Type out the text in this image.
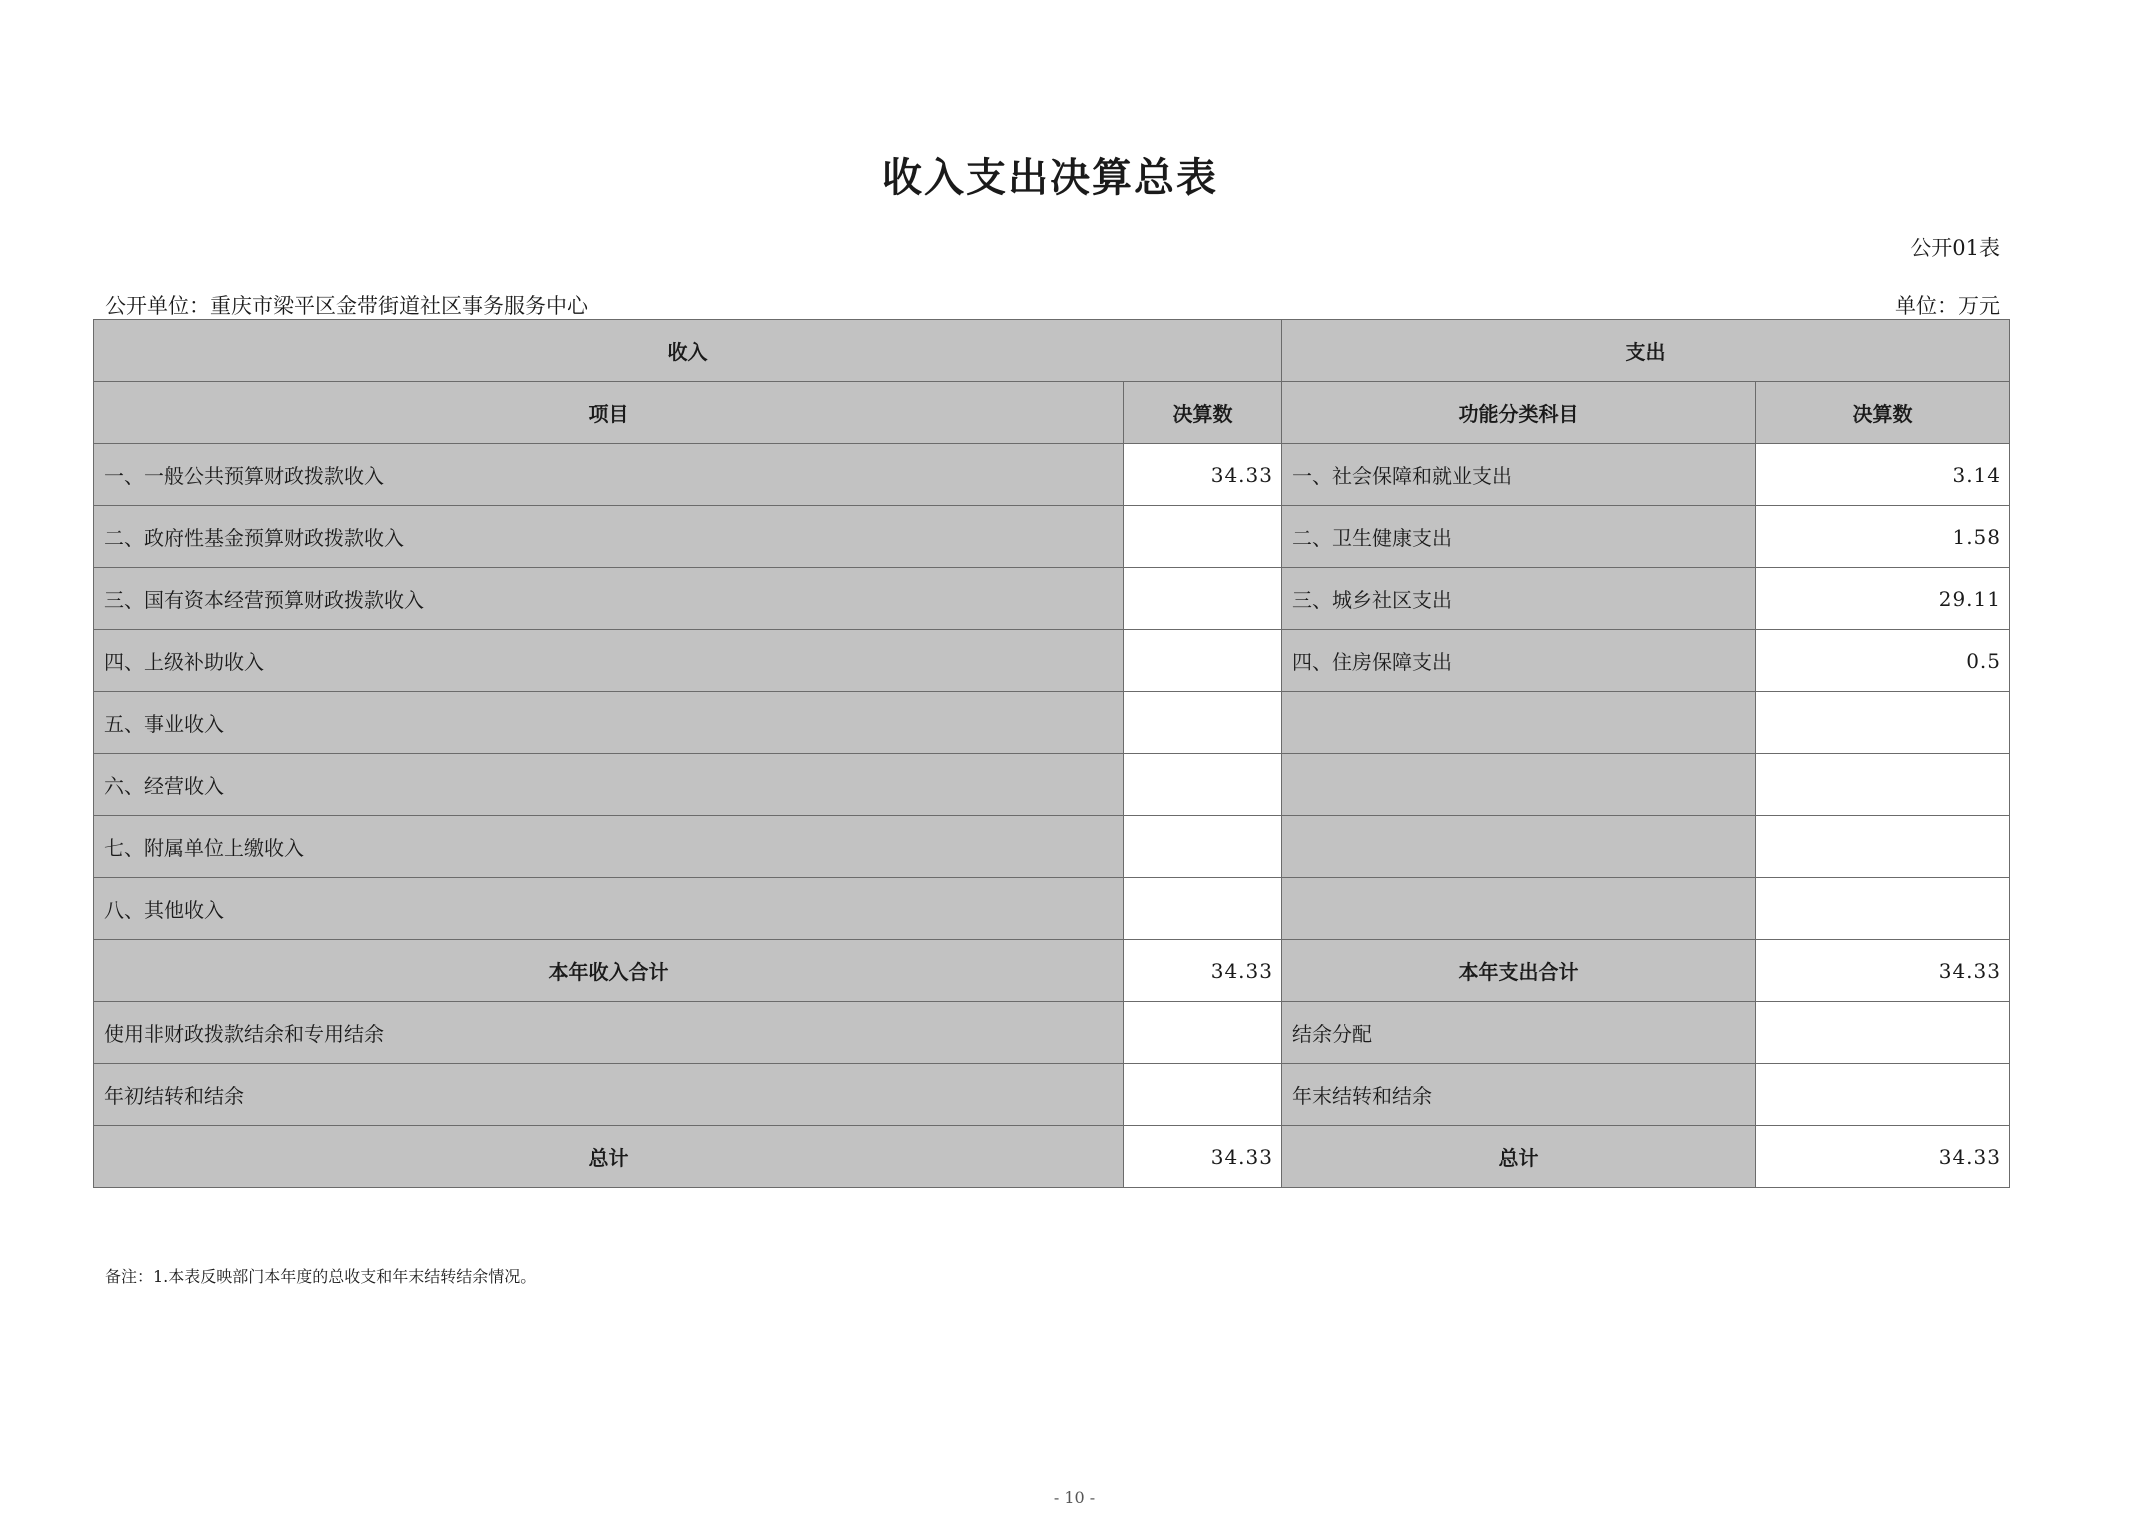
收入支出决算总表
公开01表
公开单位：重庆市梁平区金带街道社区事务服务中心	单位：万元
收入		支出	
项目	决算数	功能分类科目	决算数
一、一般公共预算财政拨款收入	34.33	一、社会保障和就业支出	3.14
二、政府性基金预算财政拨款收入		二、卫生健康支出	1.58
三、国有资本经营预算财政拨款收入		三、城乡社区支出	29.11
四、上级补助收入		四、住房保障支出	0.5
五、事业收入			
六、经营收入			
七、附属单位上缴收入			
八、其他收入			
本年收入合计	34.33	本年支出合计	34.33
使用非财政拨款结余和专用结余		结余分配	
年初结转和结余		年末结转和结余	
总计	34.33	总计	34.33
备注：1.本表反映部门本年度的总收支和年末结转结余情况。
- 10 -
